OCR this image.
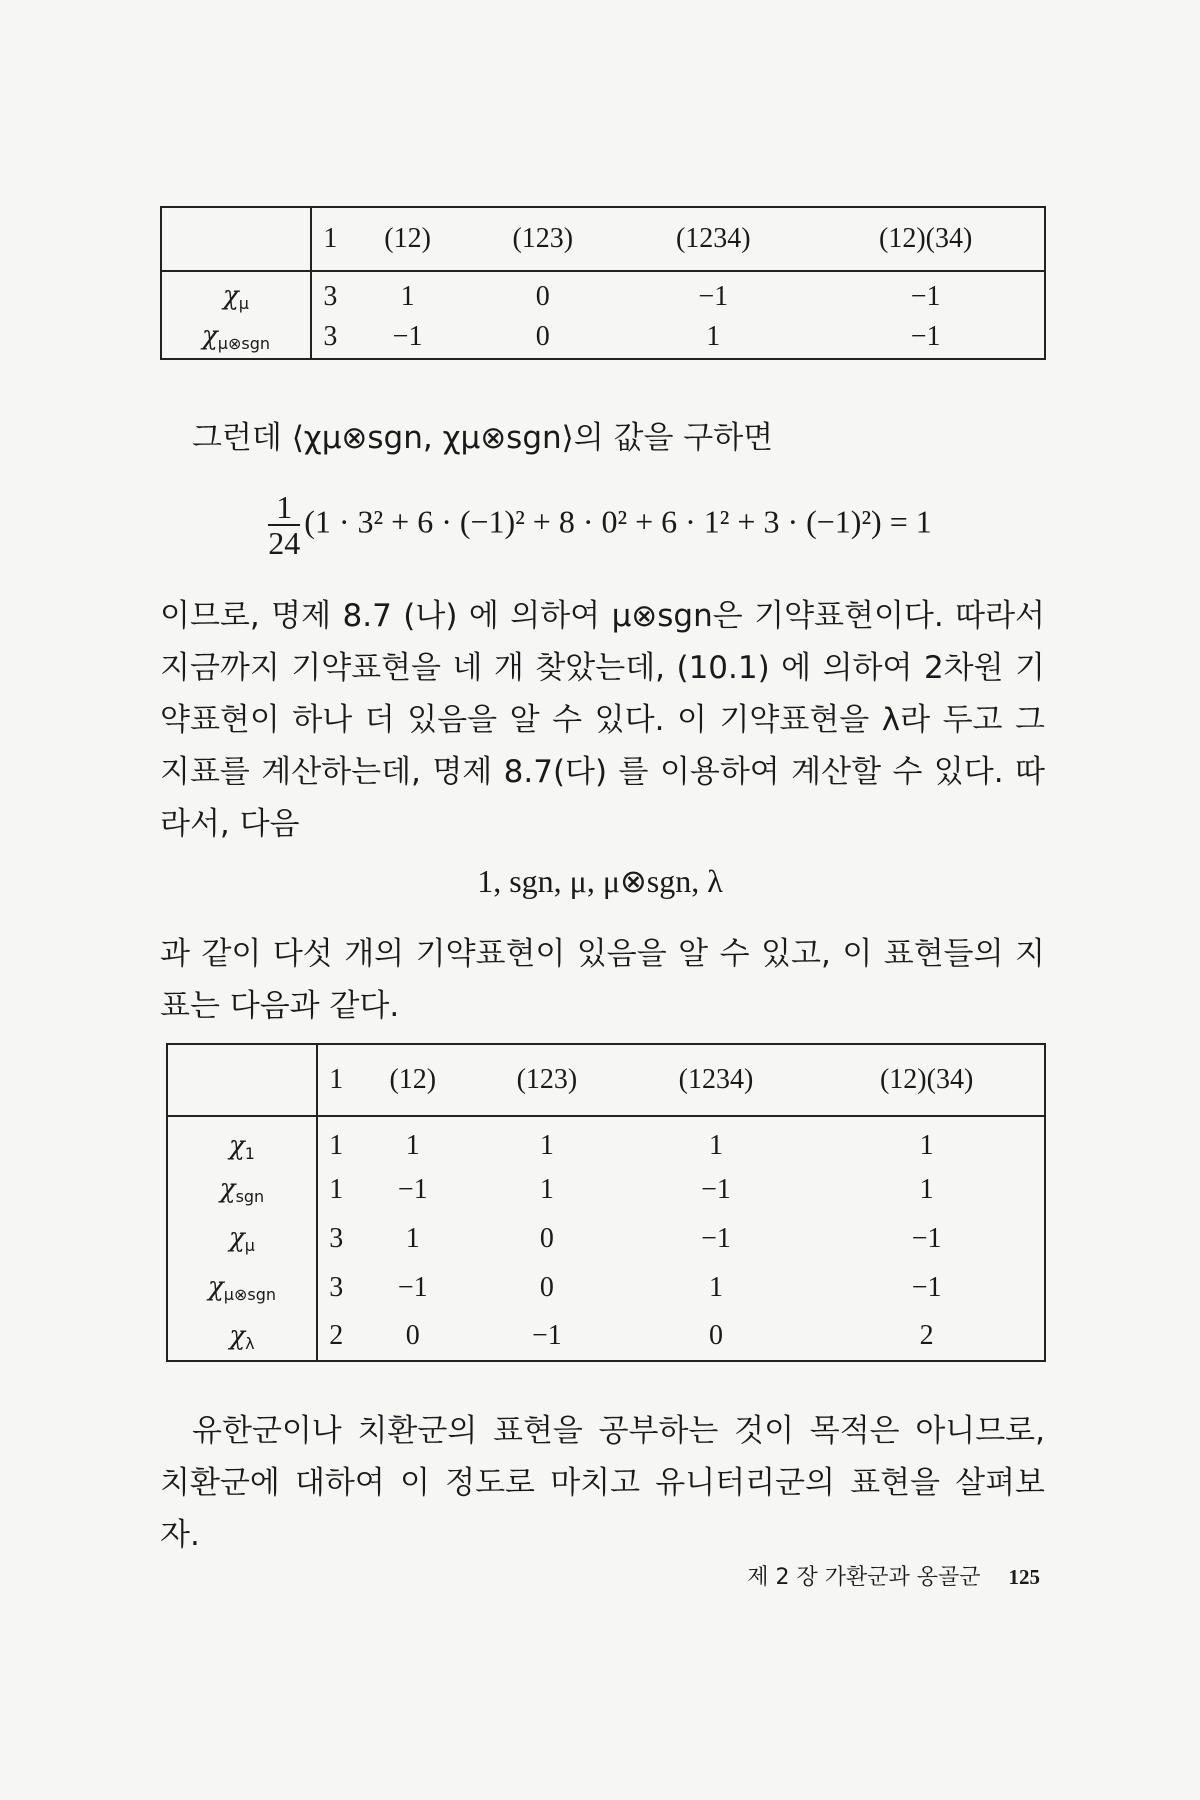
	1	(12)	(123)	(1234)	(12)(34)
$\chi_\mu$	3	1	0	−1	−1
$\chi_{\mu\otimes sgn}$	3	−1	0	1	−1

그런데 ⟨χμ⊗sgn, χμ⊗sgn⟩의 값을 구하면

$\frac{1}{24} (1 \cdot 3^2 + 6 \cdot (-1)^2 + 8 \cdot 0^2 + 6 \cdot 1^2 + 3 \cdot (-1)^2) = 1$

이므로, 명제 8.7 (나) 에 의하여 μ⊗sgn은 기약표현이다. 따라서 지금까지 기약표현을 네 개 찾았는데, (10.1) 에 의하여 2차원 기약표현이 하나 더 있음을 알 수 있다. 이 기약표현을 λ라 두고 그 지표를 계산하는데, 명제 8.7(다) 를 이용하여 계산할 수 있다. 따라서, 다음

1, sgn, μ, μ⊗sgn, λ

과 같이 다섯 개의 기약표현이 있음을 알 수 있고, 이 표현들의 지표는 다음과 같다.

	1	(12)	(123)	(1234)	(12)(34)
$\chi_1$	1	1	1	1	1
$\chi_{sgn}$	1	−1	1	−1	1
$\chi_\mu$	3	1	0	−1	−1
$\chi_{\mu\otimes sgn}$	3	−1	0	1	−1
$\chi_\lambda$	2	0	−1	0	2

유한군이나 치환군의 표현을 공부하는 것이 목적은 아니므로, 치환군에 대하여 이 정도로 마치고 유니터리군의 표현을 살펴보자.

제 2 장 가환군과 옹골군 125
